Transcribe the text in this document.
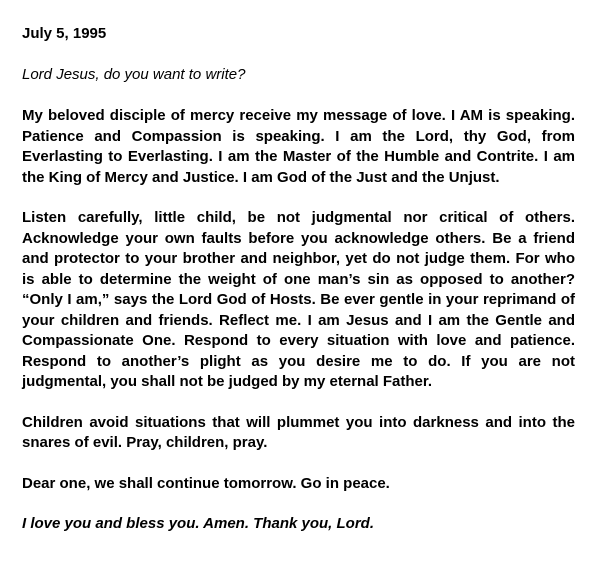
July 5, 1995

Lord Jesus, do you want to write?

My beloved disciple of mercy receive my message of love. I AM is speaking. Patience and Compassion is speaking. I am the Lord, thy God, from Everlasting to Everlasting. I am the Master of the Humble and Contrite. I am the King of Mercy and Justice. I am God of the Just and the Unjust.

Listen carefully, little child, be not judgmental nor critical of others. Acknowledge your own faults before you acknowledge others. Be a friend and protector to your brother and neighbor, yet do not judge them. For who is able to determine the weight of one man’s sin as opposed to another? “Only I am,” says the Lord God of Hosts. Be ever gentle in your reprimand of your children and friends. Reflect me. I am Jesus and I am the Gentle and Compassionate One. Respond to every situation with love and patience. Respond to another’s plight as you desire me to do. If you are not judgmental, you shall not be judged by my eternal Father.

Children avoid situations that will plummet you into darkness and into the snares of evil. Pray, children, pray.

Dear one, we shall continue tomorrow. Go in peace.

I love you and bless you. Amen. Thank you, Lord.
